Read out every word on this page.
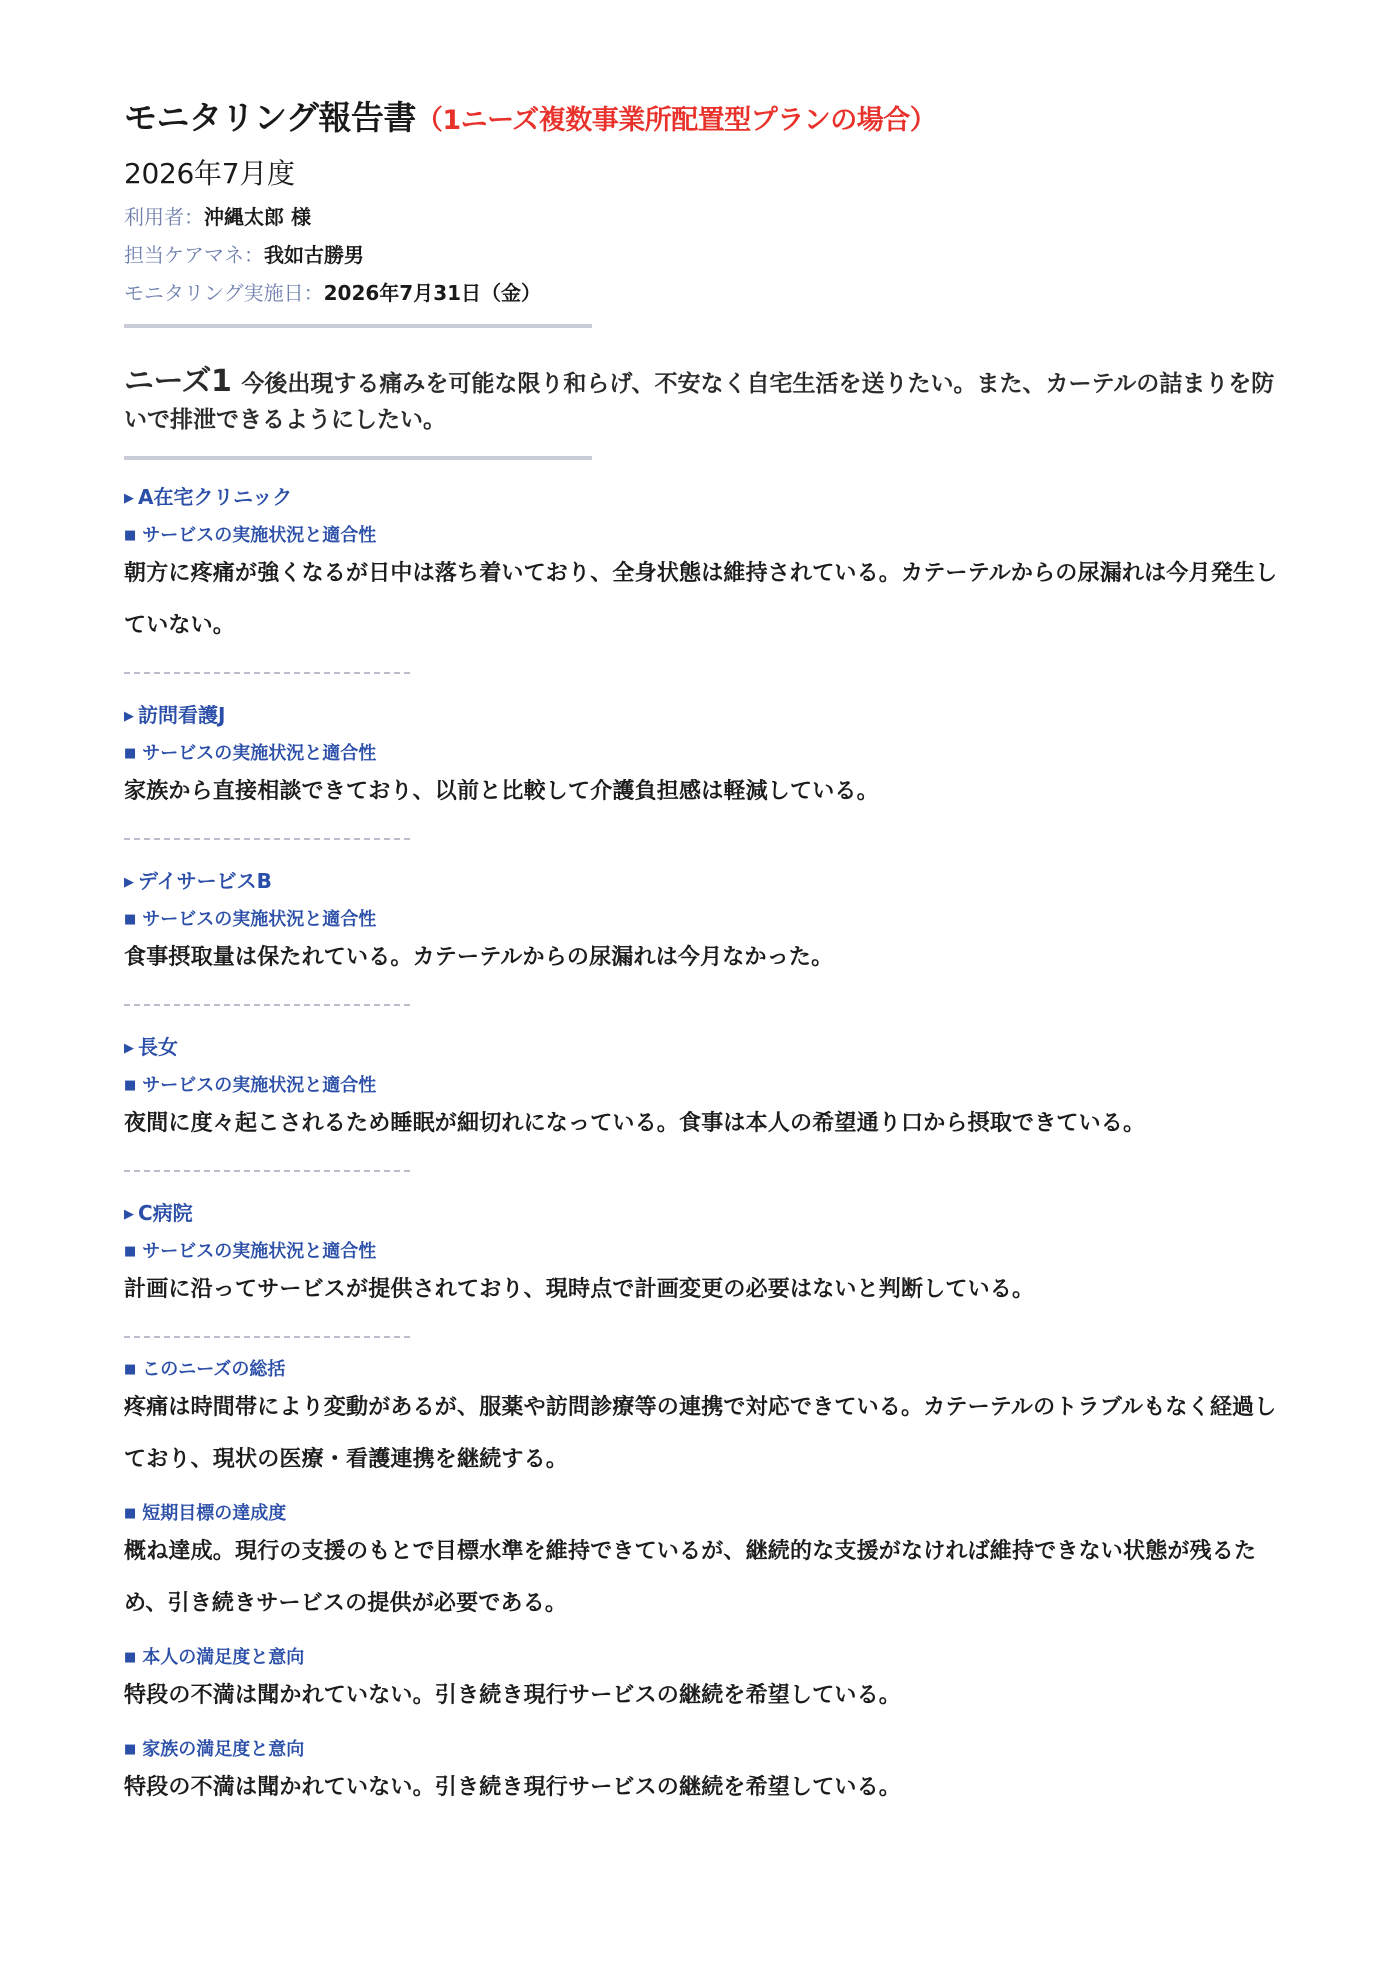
モニタリング報告書（1ニーズ複数事業所配置型プランの場合）
2026年7月度
利用者：沖縄太郎 様
担当ケアマネ：我如古勝男
モニタリング実施日：2026年7月31日（金）
ニーズ1 今後出現する痛みを可能な限り和らげ、不安なく自宅生活を送りたい。また、カーテルの詰まりを防いで排泄できるようにしたい。
▶ A在宅クリニック
■ サービスの実施状況と適合性
朝方に疼痛が強くなるが日中は落ち着いており、全身状態は維持されている。カテーテルからの尿漏れは今月発生していない。
▶ 訪問看護J
■ サービスの実施状況と適合性
家族から直接相談できており、以前と比較して介護負担感は軽減している。
▶ デイサービスB
■ サービスの実施状況と適合性
食事摂取量は保たれている。カテーテルからの尿漏れは今月なかった。
▶ 長女
■ サービスの実施状況と適合性
夜間に度々起こされるため睡眠が細切れになっている。食事は本人の希望通り口から摂取できている。
▶ C病院
■ サービスの実施状況と適合性
計画に沿ってサービスが提供されており、現時点で計画変更の必要はないと判断している。
■ このニーズの総括
疼痛は時間帯により変動があるが、服薬や訪問診療等の連携で対応できている。カテーテルのトラブルもなく経過しており、現状の医療・看護連携を継続する。
■ 短期目標の達成度
概ね達成。現行の支援のもとで目標水準を維持できているが、継続的な支援がなければ維持できない状態が残るため、引き続きサービスの提供が必要である。
■ 本人の満足度と意向
特段の不満は聞かれていない。引き続き現行サービスの継続を希望している。
■ 家族の満足度と意向
特段の不満は聞かれていない。引き続き現行サービスの継続を希望している。
